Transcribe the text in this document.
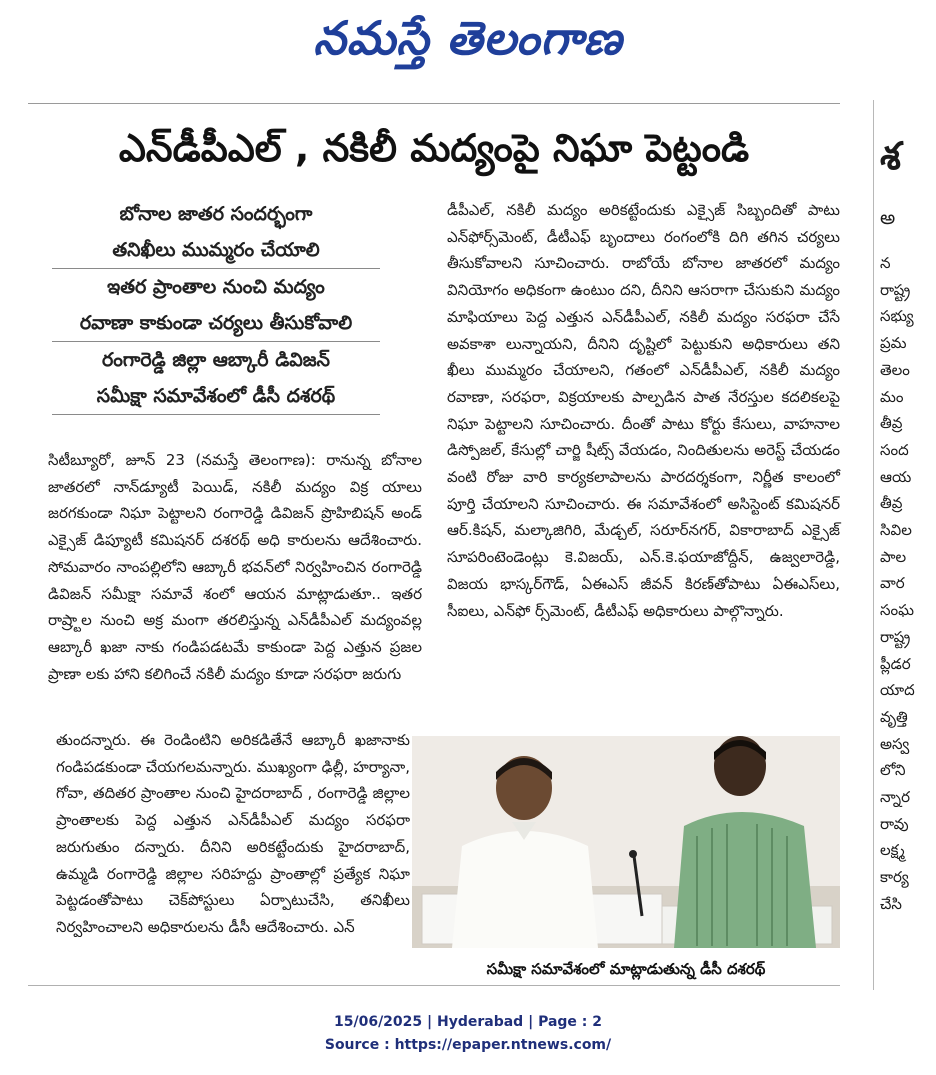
నమస్తే తెలంగాణ
ఎన్‌డీపీఎల్ , నకిలీ మద్యంపై నిఘా పెట్టండి
బోనాల జాతర సందర్భంగా
తనిఖీలు ముమ్మరం చేయాలి
ఇతర ప్రాంతాల నుంచి మద్యం
రవాణా కాకుండా చర్యలు తీసుకోవాలి
రంగారెడ్డి జిల్లా ఆబ్కారీ డివిజన్
సమీక్షా సమావేశంలో డీసీ దశరథ్

సిటీబ్యూరో, జూన్ 23 (నమస్తే తెలంగాణ): రానున్న బోనాల జాతరలో నాన్‌డ్యూటీ పెయిడ్, నకిలీ మద్యం విక్ర యాలు జరగకుండా నిఘా పెట్టాలని రంగారెడ్డి డివిజన్ ప్రొహిబిషన్ అండ్ ఎక్సైజ్ డిప్యూటీ కమిషనర్ దశరథ్ అధి కారులను ఆదేశించారు. సోమవారం నాంపల్లిలోని ఆబ్కారీ భవన్‌లో నిర్వహించిన రంగారెడ్డి డివిజన్ సమీక్షా సమావే శంలో ఆయన మాట్లాడుతూ.. ఇతర రాష్ర్టాల నుంచి అక్ర మంగా తరలిస్తున్న ఎన్‌డీపీఎల్ మద్యంవల్ల ఆబ్కారీ ఖజా నాకు గండిపడటమే కాకుండా పెద్ద ఎత్తున ప్రజల ప్రాణా లకు హాని కలిగించే నకిలీ మద్యం కూడా సరఫరా జరుగు

తుందన్నారు. ఈ రెండింటిని అరికడితేనే ఆబ్కారీ ఖజానాకు గండిపడకుండా చేయగలమన్నారు. ముఖ్యంగా ఢిల్లీ, హర్యానా, గోవా, తదితర ప్రాంతాల నుంచి హైదరాబాద్ , రంగారెడ్డి జిల్లాల ప్రాంతాలకు పెద్ద ఎత్తున ఎన్‌డీపీఎల్ మద్యం సరఫరా జరుగుతుం దన్నారు. దీనిని అరికట్టేందుకు హైదరాబాద్, ఉమ్మడి రంగారెడ్డి జిల్లాల సరిహద్దు ప్రాంతాల్లో ప్రత్యేక నిఘా పెట్టడంతోపాటు చెక్‌పోస్టులు ఏర్పాటుచేసి, తనిఖీలు నిర్వహించాలని అధికారులను డీసీ ఆదేశించారు. ఎన్

డీపీఎల్, నకిలీ మద్యం అరికట్టేందుకు ఎక్సైజ్ సిబ్బందితో పాటు ఎన్‌ఫోర్స్‌మెంట్, డీటీఎఫ్ బృందాలు రంగంలోకి దిగి తగిన చర్యలు తీసుకోవాలని సూచించారు. రాబోయే బోనాల జాతరలో మద్యం వినియోగం అధికంగా ఉంటుం దని, దీనిని ఆసరాగా చేసుకుని మద్యం మాఫియాలు పెద్ద ఎత్తున ఎన్‌డీపీఎల్, నకిలీ మద్యం సరఫరా చేసే అవకాశా లున్నాయని, దీనిని దృష్టిలో పెట్టుకుని అధికారులు తని ఖీలు ముమ్మరం చేయాలని, గతంలో ఎన్‌డీపీఎల్, నకిలీ మద్యం రవాణా, సరఫరా, విక్రయాలకు పాల్పడిన పాత నేరస్తుల కదలికలపై నిఘా పెట్టాలని సూచించారు. దీంతో పాటు కోర్టు కేసులు, వాహనాల డిస్పోజల్, కేసుల్లో చార్జి షీట్స్ వేయడం, నిందితులను అరెస్ట్ చేయడం వంటి రోజు వారి కార్యకలాపాలను పారదర్శకంగా, నిర్ణీత కాలంలో పూర్తి చేయాలని సూచించారు. ఈ సమావేశంలో అసిస్టెంట్ కమిషనర్ ఆర్.కిషన్, మల్కాజిగిరి, మేడ్చల్, సరూర్‌నగర్, వికారాబాద్ ఎక్సైజ్ సూపరింటెండెంట్లు కె.విజయ్, ఎన్.కె.ఫయాజోద్దీన్, ఉజ్వలారెడ్డి, విజయ భాస్కర్‌గౌడ్, ఏఈఎస్ జీవన్ కిరణ్‌తోపాటు ఏఈఎస్‌లు, సీఐలు, ఎన్‌ఫో ర్స్‌మెంట్, డీటీఎఫ్ అధికారులు పాల్గొన్నారు.

సమీక్షా సమావేశంలో మాట్లాడుతున్న డీసీ దశరథ్
15/06/2025 | Hyderabad | Page : 2
Source : https://epaper.ntnews.com/
శ
అ
న
రాష్ట్ర
సభ్యు
ప్రమ
తెలం
మం
తీవ్ర
సంద
ఆయ
తీవ్ర
సివిల
పాల
వార
సంఘ
రాష్ట్ర
ప్లీడర
యాద
వృత్తి
అస్వ
లోని
న్నార
రావు
లక్ష్మ
కార్య
చేసి
